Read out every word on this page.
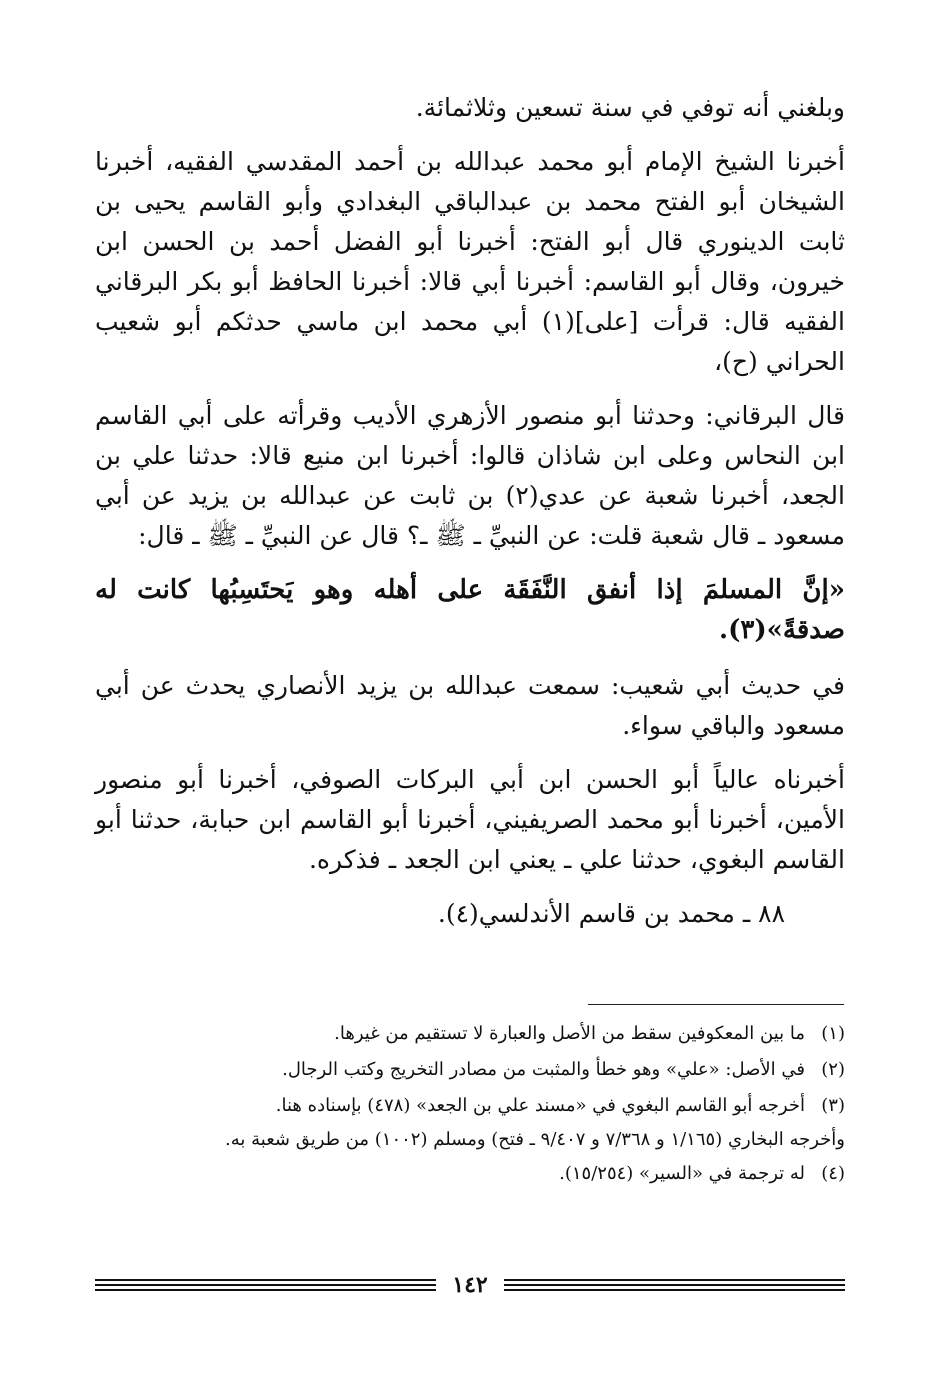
وبلغني أنه توفي في سنة تسعين وثلاثمائة.

أخبرنا الشيخ الإمام أبو محمد عبدالله بن أحمد المقدسي الفقيه، أخبرنا الشيخان أبو الفتح محمد بن عبدالباقي البغدادي وأبو القاسم يحيى بن ثابت الدينوري قال أبو الفتح: أخبرنا أبو الفضل أحمد بن الحسن ابن خيرون، وقال أبو القاسم: أخبرنا أبي قالا: أخبرنا الحافظ أبو بكر البرقاني الفقيه قال: قرأت [على](١) أبي محمد ابن ماسي حدثكم أبو شعيب الحراني (ح)،

قال البرقاني: وحدثنا أبو منصور الأزهري الأديب وقرأته على أبي القاسم ابن النحاس وعلى ابن شاذان قالوا: أخبرنا ابن منيع قالا: حدثنا علي بن الجعد، أخبرنا شعبة عن عدي(٢) بن ثابت عن عبدالله بن يزيد عن أبي مسعود ـ قال شعبة قلت: عن النبيِّ ـ ﷺ ـ؟ قال عن النبيِّ ـ ﷺ ـ قال:

«إنَّ المسلمَ إذا أنفق النَّفَقَة على أهله وهو يَحتَسِبُها كانت له صدقةً»(٣).

في حديث أبي شعيب: سمعت عبدالله بن يزيد الأنصاري يحدث عن أبي مسعود والباقي سواء.

أخبرناه عالياً أبو الحسن ابن أبي البركات الصوفي، أخبرنا أبو منصور الأمين، أخبرنا أبو محمد الصريفيني، أخبرنا أبو القاسم ابن حبابة، حدثنا أبو القاسم البغوي، حدثنا علي ـ يعني ابن الجعد ـ فذكره.

٨٨ ـ محمد بن قاسم الأندلسي(٤).

(١)ما بين المعكوفين سقط من الأصل والعبارة لا تستقيم من غيرها.

(٢)في الأصل: «علي» وهو خطأ والمثبت من مصادر التخريج وكتب الرجال.

(٣)أخرجه أبو القاسم البغوي في «مسند علي بن الجعد» (٤٧٨) بإسناده هنا.

وأخرجه البخاري (١/١٦٥ و ٧/٣٦٨ و ٩/٤٠٧ ـ فتح) ومسلم (١٠٠٢) من طريق شعبة به.

(٤)له ترجمة في «السير» (١٥/٢٥٤).

١٤٢
